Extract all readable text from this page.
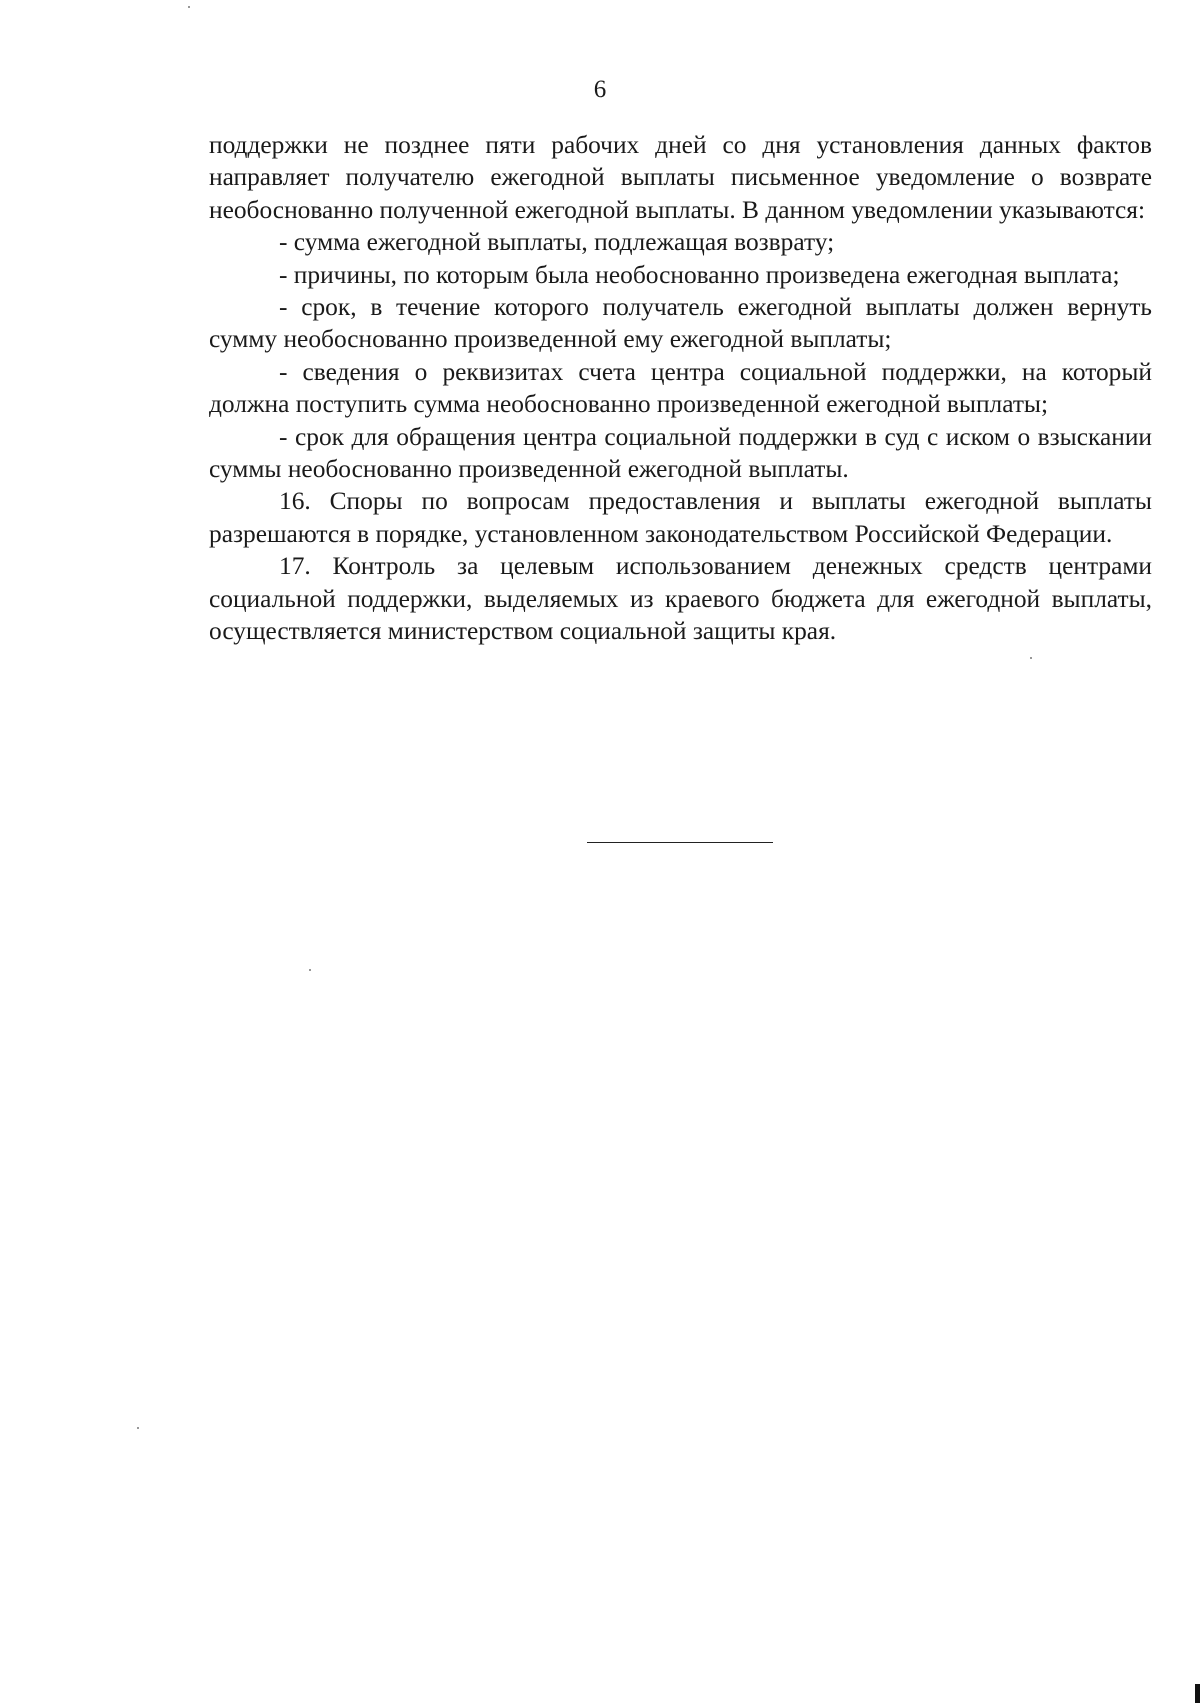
6

поддержки не позднее пяти рабочих дней со дня установления данных фактов направляет получателю ежегодной выплаты письменное уведомление о возврате необоснованно полученной ежегодной выплаты. В данном уведомлении указываются:

- сумма ежегодной выплаты, подлежащая возврату;

- причины, по которым была необоснованно произведена ежегодная выплата;

- срок, в течение которого получатель ежегодной выплаты должен вернуть сумму необоснованно произведенной ему ежегодной выплаты;

- сведения о реквизитах счета центра социальной поддержки, на который должна поступить сумма необоснованно произведенной ежегодной выплаты;

- срок для обращения центра социальной поддержки в суд с иском о взыскании суммы необоснованно произведенной ежегодной выплаты.

16. Споры по вопросам предоставления и выплаты ежегодной выплаты разрешаются в порядке, установленном законодательством Российской Федерации.

17. Контроль за целевым использованием денежных средств центрами социальной поддержки, выделяемых из краевого бюджета для ежегодной выплаты, осуществляется министерством социальной защиты края.
